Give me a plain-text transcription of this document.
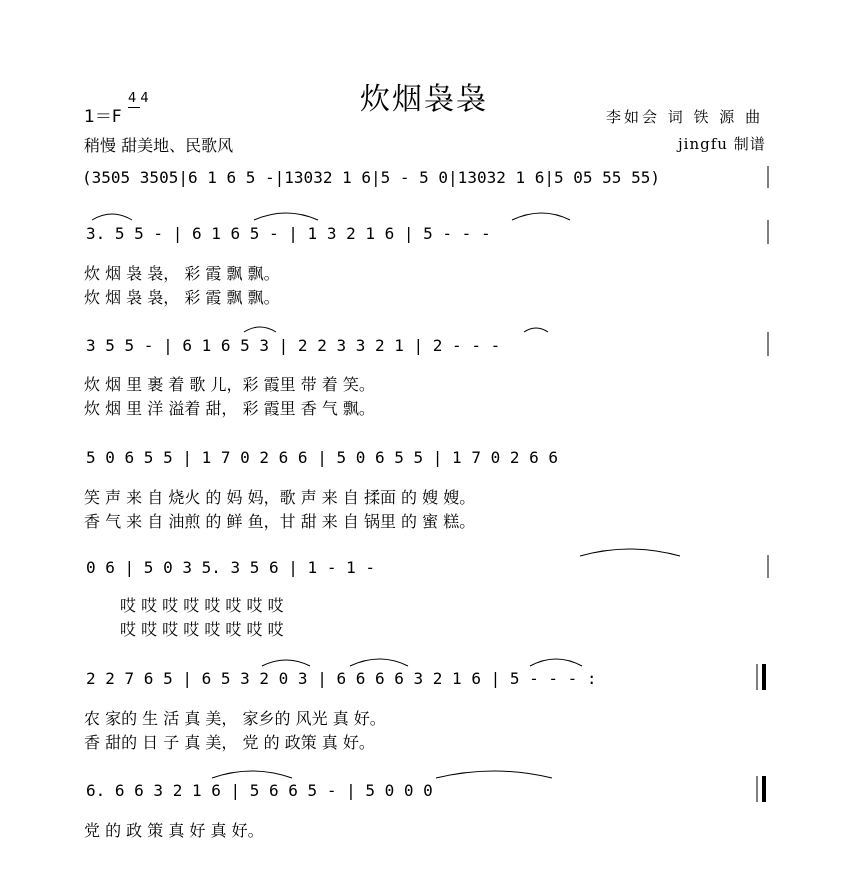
炊烟袅袅
1＝F
4 4
稍慢 甜美地、民歌风
李如会 词 铁 源 曲
jingfu 制谱
(3505 3505|6 1 6 5 -|13032 1 6|5 - 5 0|13032 1 6|5 05 55 55)
3. 5 5 - | 6 1 6 5 - | 1 3 2 1 6 | 5 - - -
炊 烟 袅 袅， 彩 霞 飘 飘。
炊 烟 袅 袅， 彩 霞 飘 飘。
3 5 5 - | 6 1 6 5 3 | 2 2 3 3 2 1 | 2 - - -
炊 烟 里 裹 着 歌 儿，彩 霞里 带 着 笑。
炊 烟 里 洋 溢着 甜， 彩 霞里 香 气 飘。
5 0 6 5 5 | 1 7 0 2 6 6 | 5 0 6 5 5 | 1 7 0 2 6 6
笑 声 来 自 烧火 的 妈 妈，歌 声 来 自 揉面 的 嫂 嫂。
香 气 来 自 油煎 的 鲜 鱼，甘 甜 来 自 锅里 的 蜜 糕。
0 6 | 5 0 3 5. 3 5 6 | 1 - 1 -
哎 哎 哎 哎 哎 哎 哎 哎
哎 哎 哎 哎 哎 哎 哎 哎
2 2 7 6 5 | 6 5 3 2 0 3 | 6 6 6 6 3 2 1 6 | 5 - - - :
农 家的 生 活 真 美， 家乡的 风光 真 好。
香 甜的 日 子 真 美， 党 的 政策 真 好。
6. 6 6 3 2 1 6 | 5 6 6 5 - | 5 0 0 0
党 的 政 策 真 好 真 好。
